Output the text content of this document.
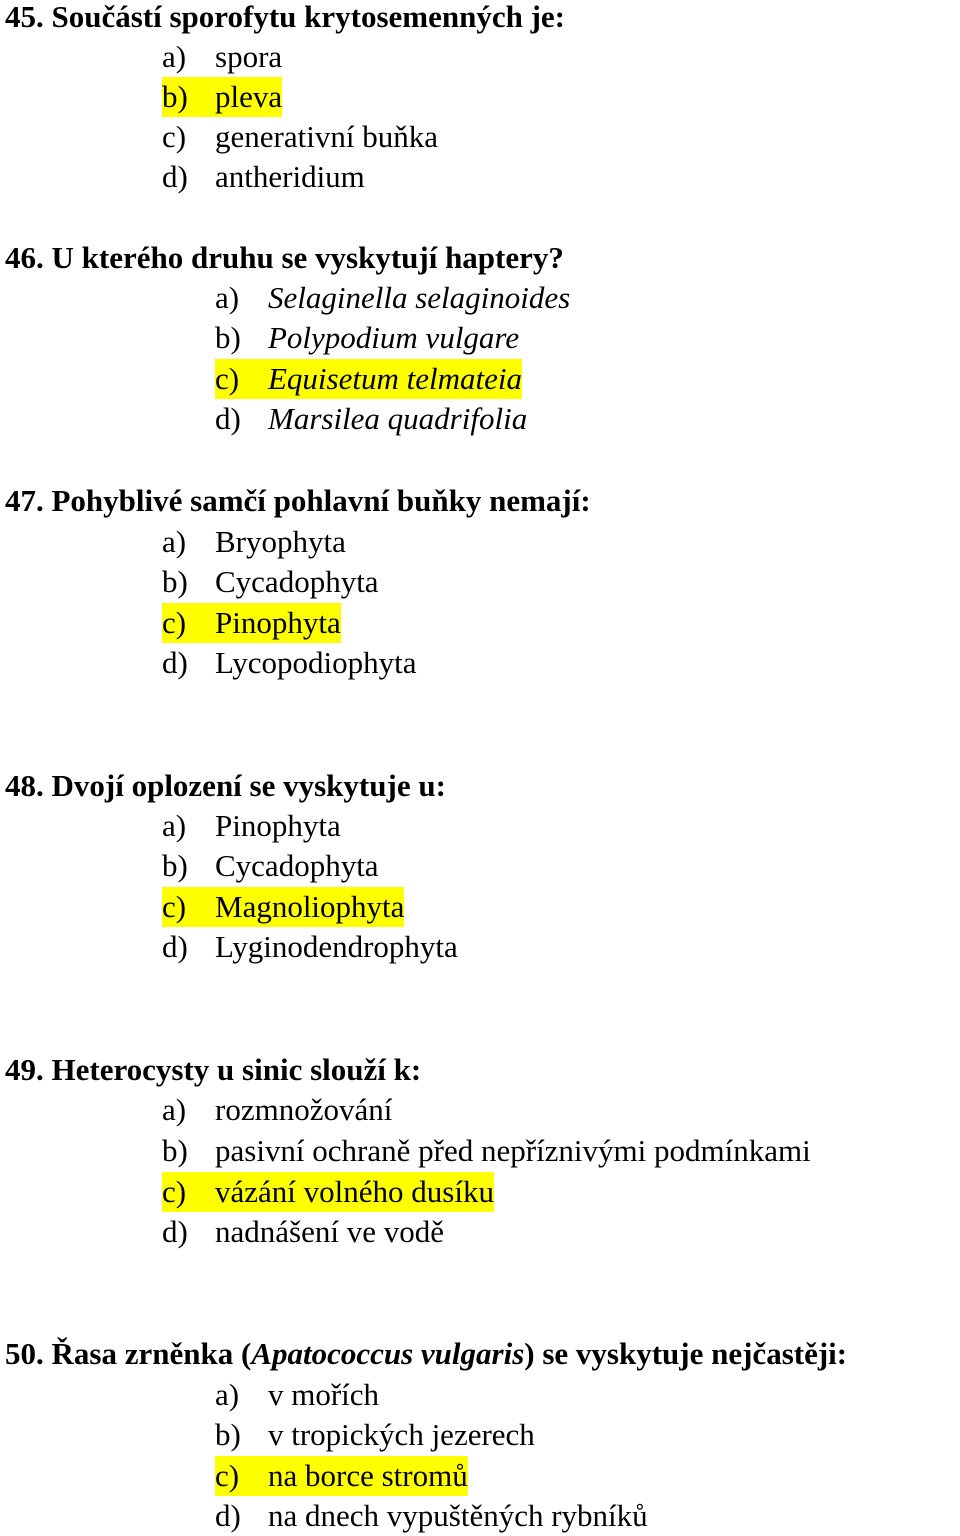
45. Součástí sporofytu krytosemenných je:
a) spora
b) pleva
c) generativní buňka
d) antheridium
46. U kterého druhu se vyskytují haptery?
a) Selaginella selaginoides
b) Polypodium vulgare
c) Equisetum telmateia
d) Marsilea quadrifolia
47. Pohyblivé samčí pohlavní buňky nemají:
a) Bryophyta
b) Cycadophyta
c) Pinophyta
d) Lycopodiophyta
48. Dvojí oplození se vyskytuje u:
a) Pinophyta
b) Cycadophyta
c) Magnoliophyta
d) Lyginodendrophyta
49. Heterocysty u sinic slouží k:
a) rozmnožování
b) pasivní ochraně před nepříznivými podmínkami
c) vázání volného dusíku
d) nadnášení ve vodě
50. Řasa zrněnka (Apatococcus vulgaris) se vyskytuje nejčastěji:
a) v mořích
b) v tropických jezerech
c) na borce stromů
d) na dnech vypuštěných rybníků
